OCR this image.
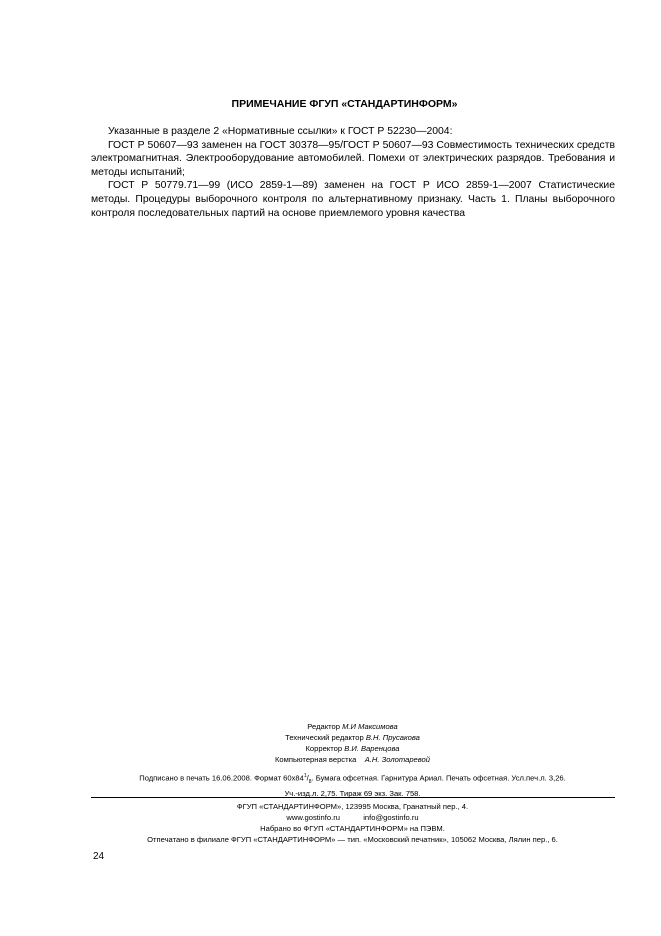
ПРИМЕЧАНИЕ ФГУП «СТАНДАРТИНФОРМ»

Указанные в разделе 2 «Нормативные ссылки» к ГОСТ Р 52230—2004:

ГОСТ Р 50607—93 заменен на ГОСТ 30378—95/ГОСТ Р 50607—93 Совместимость технических средств электромагнитная. Электрооборудование автомобилей. Помехи от электрических разрядов. Требования и методы испытаний;

ГОСТ Р 50779.71—99 (ИСО 2859-1—89) заменен на ГОСТ Р ИСО 2859-1—2007 Статистические методы. Процедуры выборочного контроля по альтернативному признаку. Часть 1. Планы выборочного контроля последовательных партий на основе приемлемого уровня качества

Редактор М.И Максимова
Технический редактор В.Н. Прусакова
Корректор В.И. Варенцова
Компьютерная верстка А.Н. Золотаревой
Подписано в печать 16.06.2008. Формат $60x84^1/_8$. Бумага офсетная. Гарнитура Ариал. Печать офсетная. Усл.печ.л. 3,26.
Уч.-изд.л. 2,75. Тираж 69 экз. Зак. 758.
ФГУП «СТАНДАРТИНФОРМ», 123995 Москва, Гранатный пер., 4.
www.gostinfo.ru	info@gostinfo.ru
Набрано во ФГУП «СТАНДАРТИНФОРМ» на ПЭВМ.
Отпечатано в филиале ФГУП «СТАНДАРТИНФОРМ» — тип. «Московский печатник», 105062 Москва, Лялин пер., 6.
24
